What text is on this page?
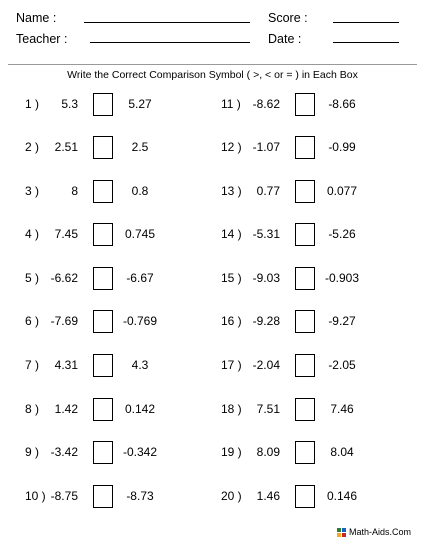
Name :
Teacher :
Score :
Date :
Write the Correct Comparison Symbol ( >, < or = ) in Each Box
1 )	5.3	5.27
2 )	2.51	2.5
3 )	8	0.8
4 )	7.45	0.745
5 ) -6.62	-6.67
6 ) -7.69	-0.769
7 )	4.31	4.3
8 )	1.42	0.142
9 ) -3.42	-0.342
10 ) -8.75	-8.73
11 ) -8.62	-8.66
12 ) -1.07	-0.99
13 )	0.77	0.077
14 ) -5.31	-5.26
15 ) -9.03	-0.903
16 ) -9.28	-9.27
17 ) -2.04	-2.05
18 )	7.51	7.46
19 )	8.09	8.04
20 )	1.46	0.146
Math-Aids.Com
